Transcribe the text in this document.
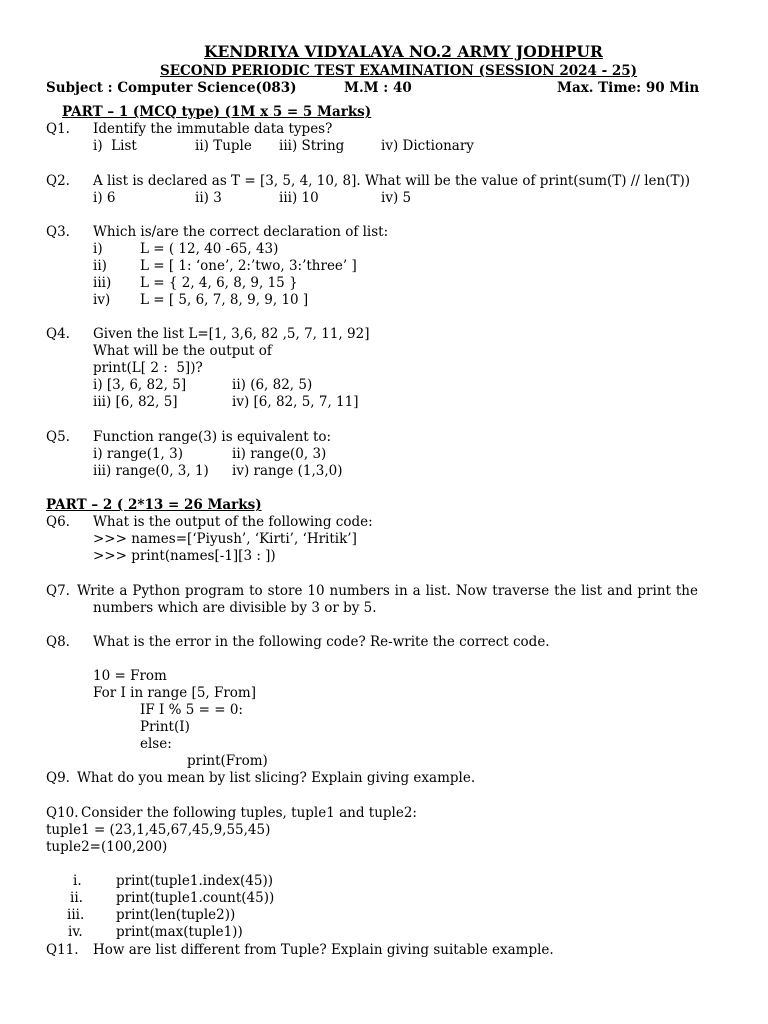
KENDRIYA VIDYALAYA NO.2 ARMY JODHPUR
SECOND PERIODIC TEST EXAMINATION (SESSION 2024 - 25)
Subject : Computer Science(083)	M.M : 40	Max. Time: 90 Min
PART – 1 (MCQ type) (1M x 5 = 5 Marks)
Q1. Identify the immutable data types?
i)  List	ii) Tuple iii) String	iv) Dictionary
Q2. A list is declared as T = [3, 5, 4, 10, 8]. What will be the value of print(sum(T) // len(T))
i) 6	ii) 3	iii) 10	iv) 5
Q3. Which is/are the correct declaration of list:
i)	L = ( 12, 40 -65, 43)
ii) L = [ 1: ‘one’, 2:’two, 3:’three’ ]
iii) L = { 2, 4, 6, 8, 9, 15 }
iv) L = [ 5, 6, 7, 8, 9, 9, 10 ]
Q4. Given the list L=[1, 3,6, 82 ,5, 7, 11, 92]
What will be the output of
print(L[ 2 :  5])?
i) [3, 6, 82, 5]	ii) (6, 82, 5)
iii) [6, 82, 5]	iv) [6, 82, 5, 7, 11]
Q5. Function range(3) is equivalent to:
i) range(1, 3)	ii) range(0, 3)
iii) range(0, 3, 1) iv) range (1,3,0)
PART – 2 ( 2*13 = 26 Marks)
Q6. What is the output of the following code:
>>> names=[‘Piyush’, ‘Kirti’, ‘Hritik’]
>>> print(names[-1][3 : ])
Q7. Write a Python program to store 10 numbers in a list. Now traverse the list and print the
numbers which are divisible by 3 or by 5.
Q8. What is the error in the following code? Re-write the correct code.
10 = From
For I in range [5, From]
IF I % 5 = = 0:
Print(I)
else:
print(From)
Q9. What do you mean by list slicing? Explain giving example.
Q10. Consider the following tuples, tuple1 and tuple2:
tuple1 = (23,1,45,67,45,9,55,45)
tuple2=(100,200)
i.	print(tuple1.index(45))
ii. print(tuple1.count(45))
iii. print(len(tuple2))
iv. print(max(tuple1))
Q11. How are list different from Tuple? Explain giving suitable example.
